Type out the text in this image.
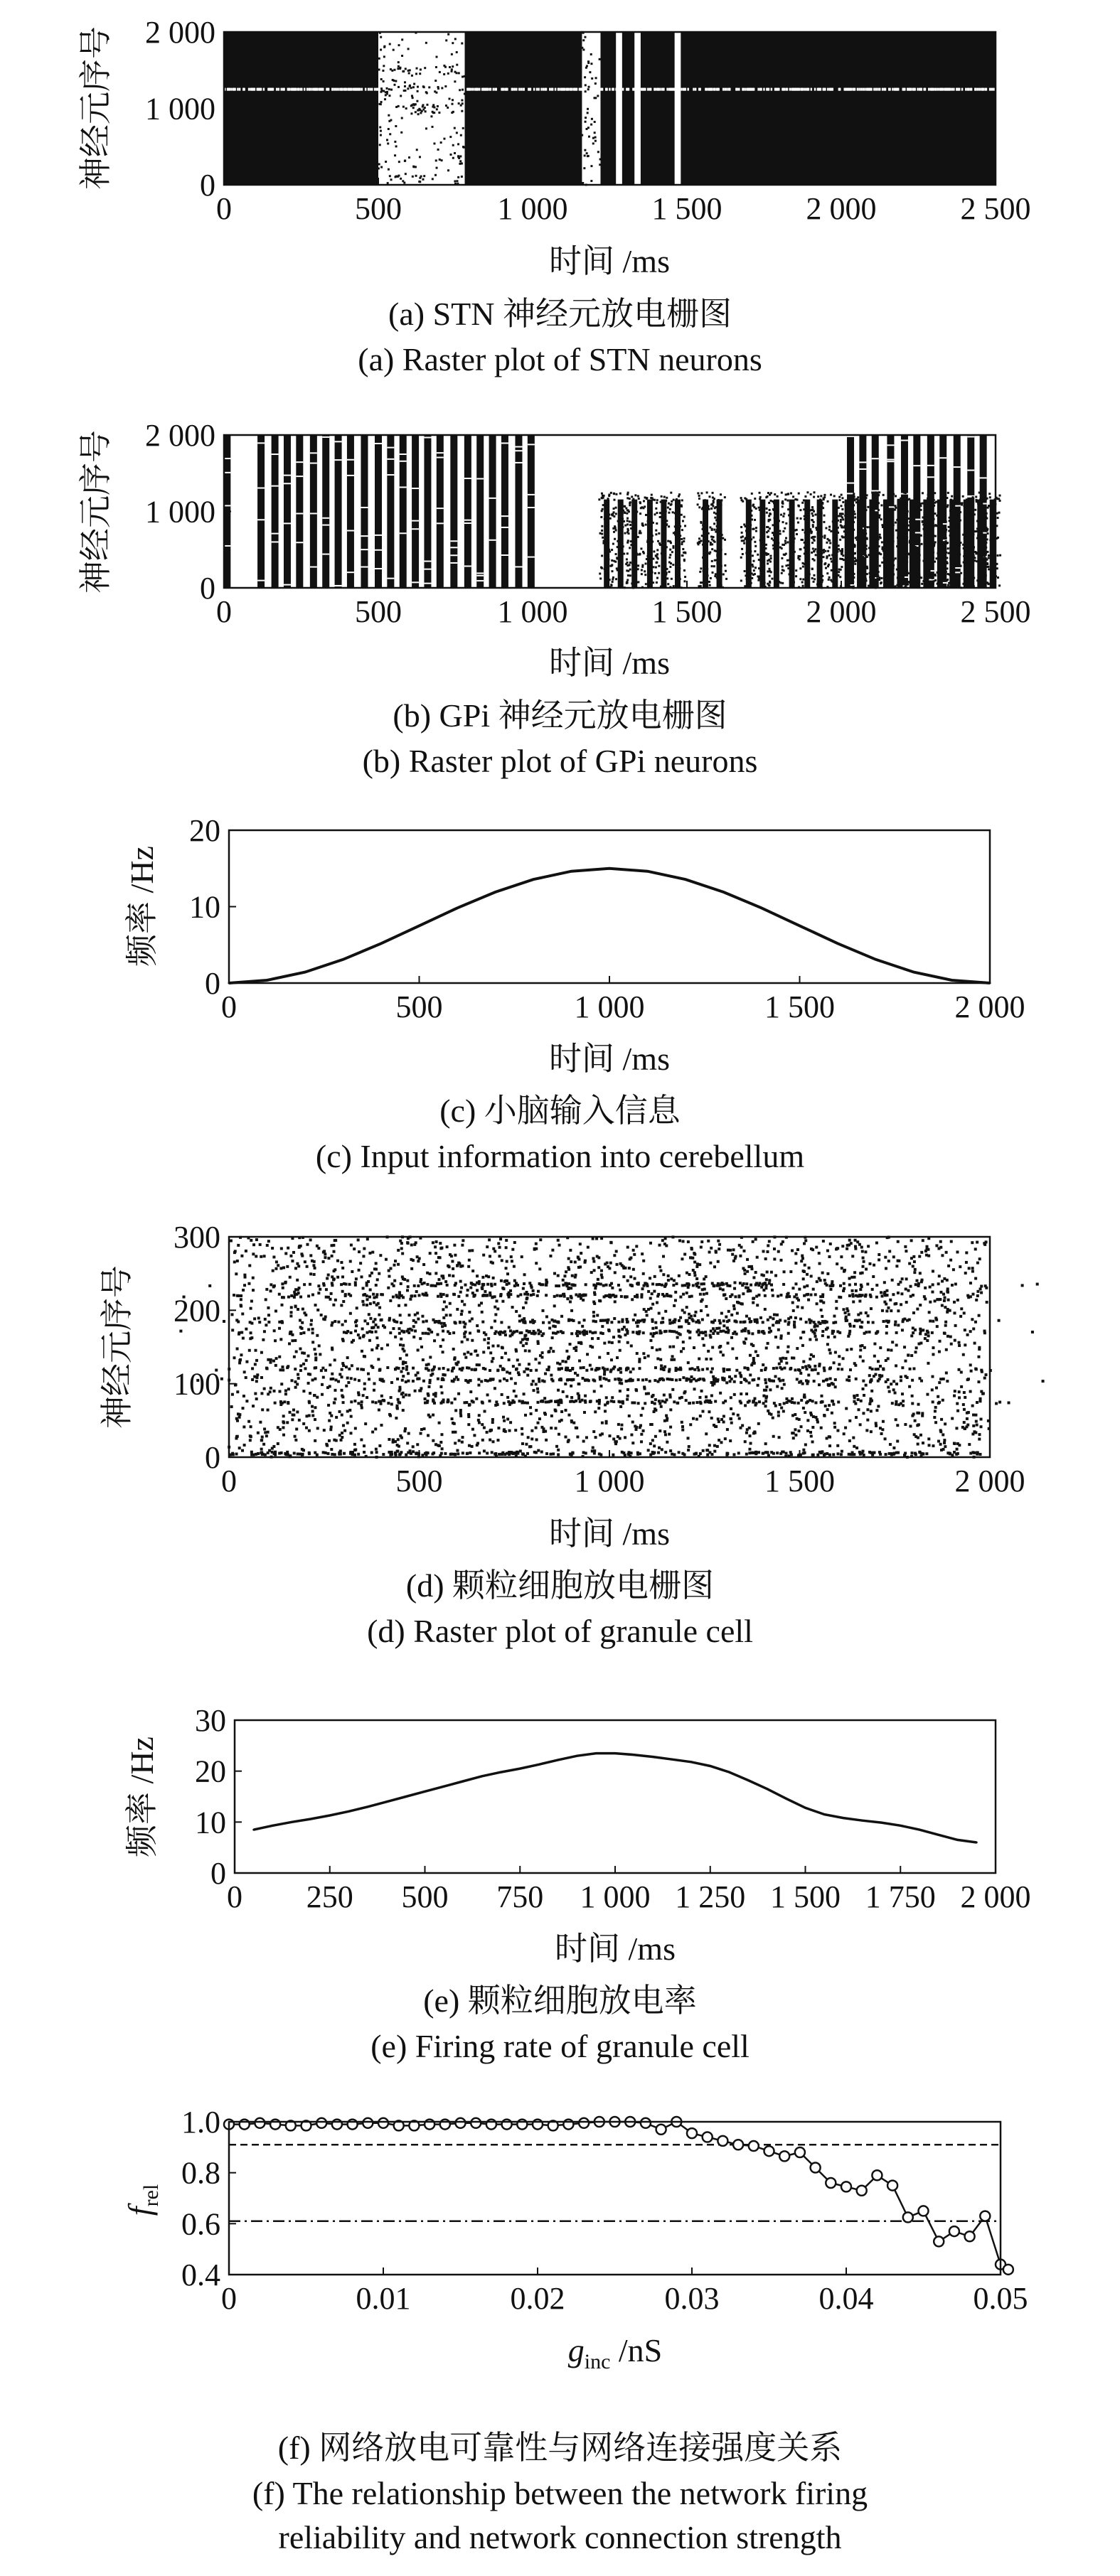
0	500	1 000	1 500	2 000	2 500
0
1 000
2 000
时间 /ms
神经元序号
0	500	1 000	1 500	2 000	2 500
0
1 000
2 000
时间 /ms
神经元序号
0	500	1 000	1 500	2 000
0
10
20
时间 /ms
频率 /Hz
0	500	1 000	1 500	2 000
0
100
200
300
时间 /ms
神经元序号
0 250 500 750 1 000 1 250 1 500 1 750 2 000
0
10
20
30
时间 /ms
频率 /Hz
0	0.01	0.02	0.03	0.04	0.05
0.4
0.6
0.8
1.0
$g_{inc}$ /nS
$f_{rel}$
(a) STN 神经元放电栅图
(a) Raster plot of STN neurons
(b) GPi 神经元放电栅图
(b) Raster plot of GPi neurons
(c) 小脑输入信息
(c) Input information into cerebellum
(d) 颗粒细胞放电栅图
(d) Raster plot of granule cell
(e) 颗粒细胞放电率
(e) Firing rate of granule cell
(f) 网络放电可靠性与网络连接强度关系
(f) The relationship between the network firing
reliability and network connection strength
